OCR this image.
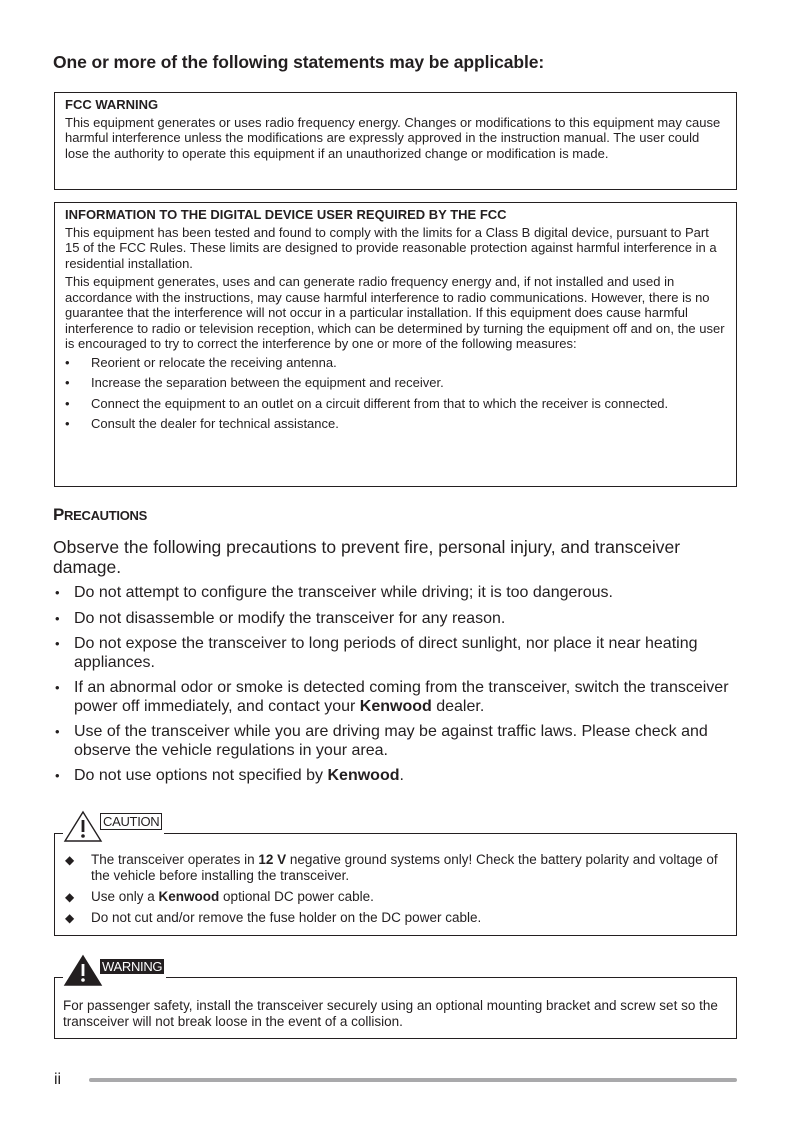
One or more of the following statements may be applicable:
FCC WARNING

This equipment generates or uses radio frequency energy. Changes or modifications to this equipment may cause harmful interference unless the modifications are expressly approved in the instruction manual. The user could lose the authority to operate this equipment if an unauthorized change or modification is made.

INFORMATION TO THE DIGITAL DEVICE USER REQUIRED BY THE FCC

This equipment has been tested and found to comply with the limits for a Class B digital device, pursuant to Part 15 of the FCC Rules. These limits are designed to provide reasonable protection against harmful interference in a residential installation.

This equipment generates, uses and can generate radio frequency energy and, if not installed and used in accordance with the instructions, may cause harmful interference to radio communications. However, there is no guarantee that the interference will not occur in a particular installation. If this equipment does cause harmful interference to radio or television reception, which can be determined by turning the equipment off and on, the user is encouraged to try to correct the interference by one or more of the following measures:

• Reorient or relocate the receiving antenna.
• Increase the separation between the equipment and receiver.
• Connect the equipment to an outlet on a circuit different from that to which the receiver is connected.
• Consult the dealer for technical assistance.
PRECAUTIONS
Observe the following precautions to prevent fire, personal injury, and transceiver damage.
• Do not attempt to configure the transceiver while driving; it is too dangerous.
• Do not disassemble or modify the transceiver for any reason.
• Do not expose the transceiver to long periods of direct sunlight, nor place it near heating appliances.
• If an abnormal odor or smoke is detected coming from the transceiver, switch the transceiver power off immediately, and contact your Kenwood dealer.
• Use of the transceiver while you are driving may be against traffic laws. Please check and observe the vehicle regulations in your area.
• Do not use options not specified by Kenwood.
CAUTION
◆ The transceiver operates in 12 V negative ground systems only! Check the battery polarity and voltage of the vehicle before installing the transceiver.
◆ Use only a Kenwood optional DC power cable.
◆ Do not cut and/or remove the fuse holder on the DC power cable.
WARNING
For passenger safety, install the transceiver securely using an optional mounting bracket and screw set so the transceiver will not break loose in the event of a collision.
ii
